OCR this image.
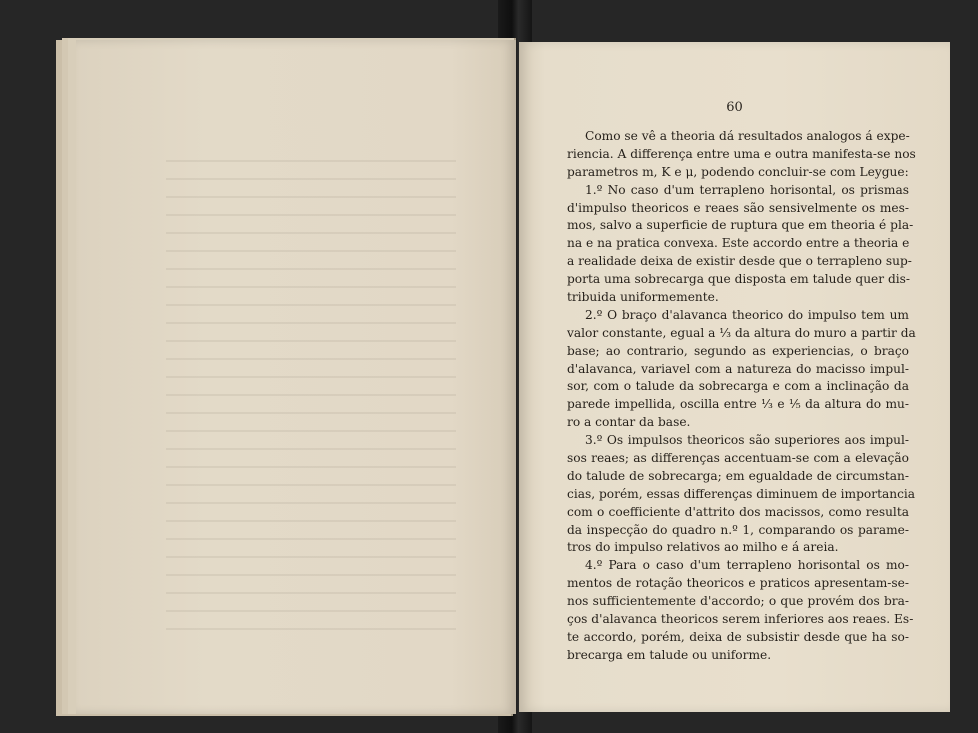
60
Como se vê a theoria dá resultados analogos á expe-
riencia. A differença entre uma e outra manifesta-se nos
parametros m, K e μ, podendo concluir-se com Leygue:
1.º No caso d'um terrapleno horisontal, os prismas
d'impulso theoricos e reaes são sensivelmente os mes-
mos, salvo a superficie de ruptura que em theoria é pla-
na e na pratica convexa. Este accordo entre a theoria e
a realidade deixa de existir desde que o terrapleno sup-
porta uma sobrecarga que disposta em talude quer dis-
tribuida uniformemente.
2.º O braço d'alavanca theorico do impulso tem um
valor constante, egual a ⅓ da altura do muro a partir da
base; ao contrario, segundo as experiencias, o braço
d'alavanca, variavel com a natureza do macisso impul-
sor, com o talude da sobrecarga e com a inclinação da
parede impellida, oscilla entre ⅓ e ⅕ da altura do mu-
ro a contar da base.
3.º Os impulsos theoricos são superiores aos impul-
sos reaes; as differenças accentuam-se com a elevação
do talude de sobrecarga; em egualdade de circumstan-
cias, porém, essas differenças diminuem de importancia
com o coefficiente d'attrito dos macissos, como resulta
da inspecção do quadro n.º 1, comparando os parame-
tros do impulso relativos ao milho e á areia.
4.º Para o caso d'um terrapleno horisontal os mo-
mentos de rotação theoricos e praticos apresentam-se-
nos sufficientemente d'accordo; o que provém dos bra-
ços d'alavanca theoricos serem inferiores aos reaes. Es-
te accordo, porém, deixa de subsistir desde que ha so-
brecarga em talude ou uniforme.
